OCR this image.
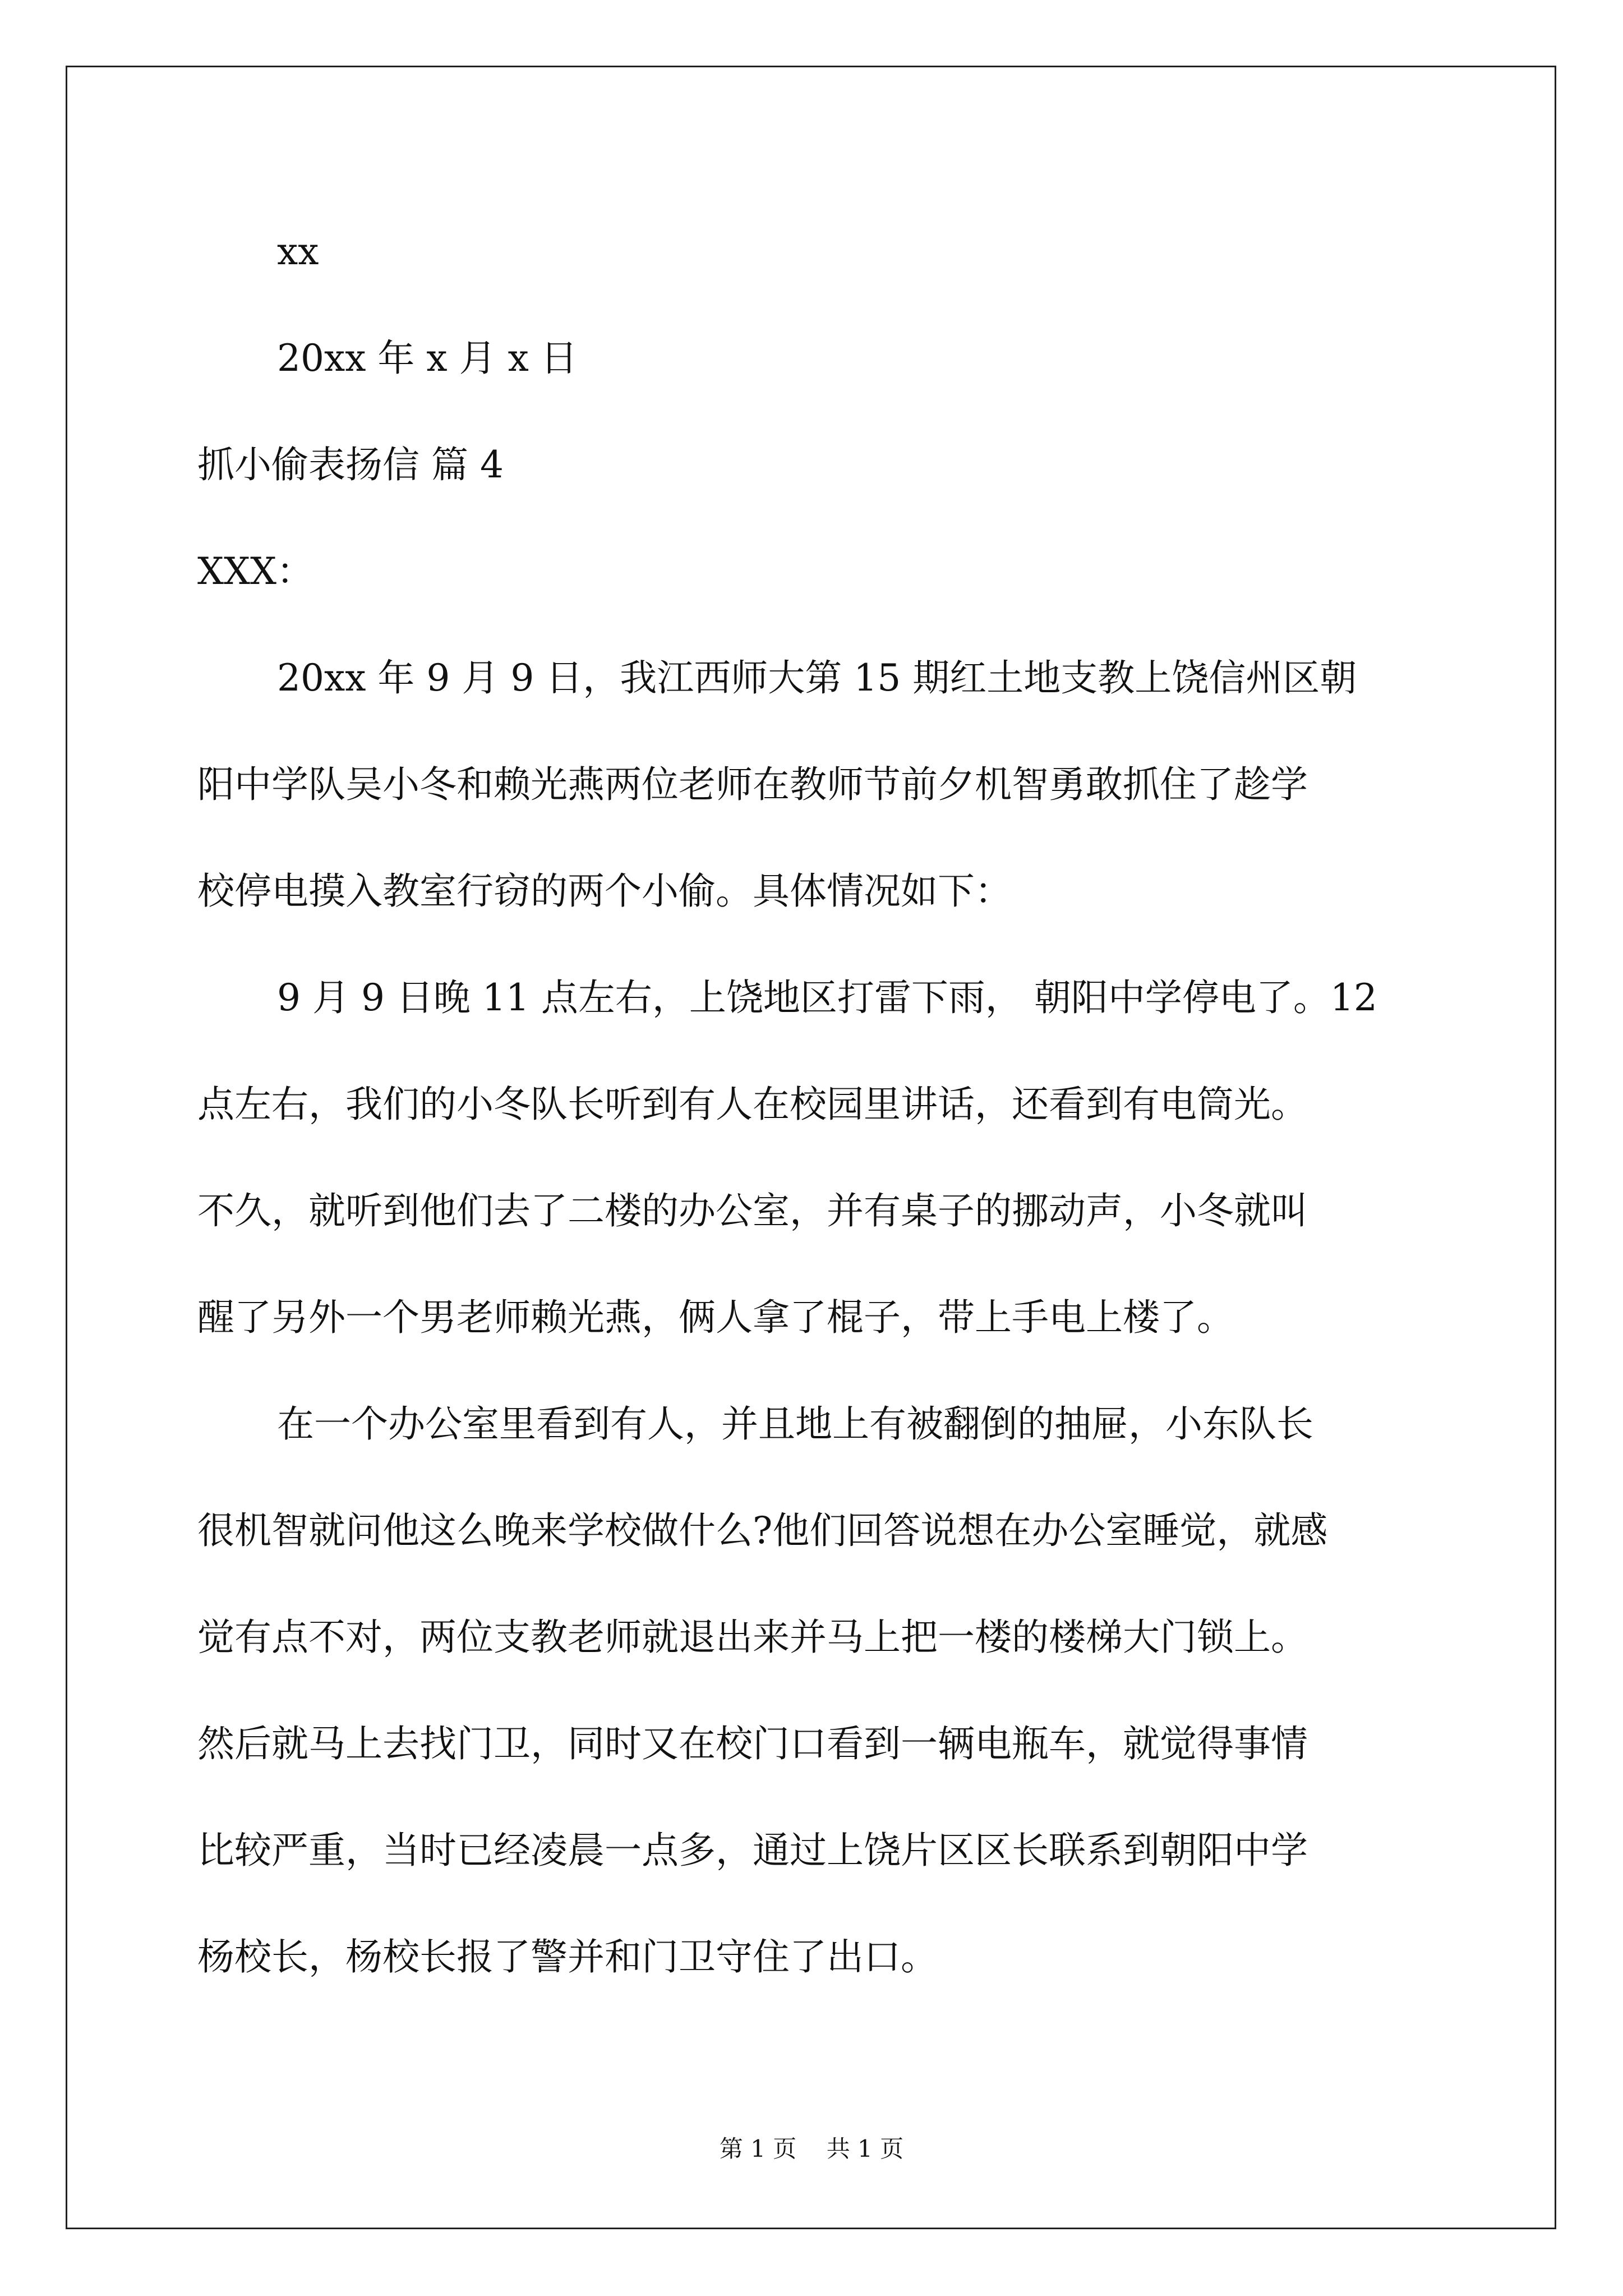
xx

20xx 年 x 月 x 日

抓小偷表扬信 篇 4

XXX：

20xx 年 9 月 9 日，我江西师大第 15 期红土地支教上饶信州区朝

阳中学队吴小冬和赖光燕两位老师在教师节前夕机智勇敢抓住了趁学

校停电摸入教室行窃的两个小偷。具体情况如下：

9 月 9 日晚 11 点左右，上饶地区打雷下雨， 朝阳中学停电了。12

点左右，我们的小冬队长听到有人在校园里讲话，还看到有电筒光。

不久，就听到他们去了二楼的办公室，并有桌子的挪动声，小冬就叫

醒了另外一个男老师赖光燕，俩人拿了棍子，带上手电上楼了。

在一个办公室里看到有人，并且地上有被翻倒的抽屉，小东队长

很机智就问他这么晚来学校做什么?他们回答说想在办公室睡觉，就感

觉有点不对，两位支教老师就退出来并马上把一楼的楼梯大门锁上。

然后就马上去找门卫，同时又在校门口看到一辆电瓶车，就觉得事情

比较严重，当时已经凌晨一点多，通过上饶片区区长联系到朝阳中学

杨校长，杨校长报了警并和门卫守住了出口。

第 1 页    共 1 页
